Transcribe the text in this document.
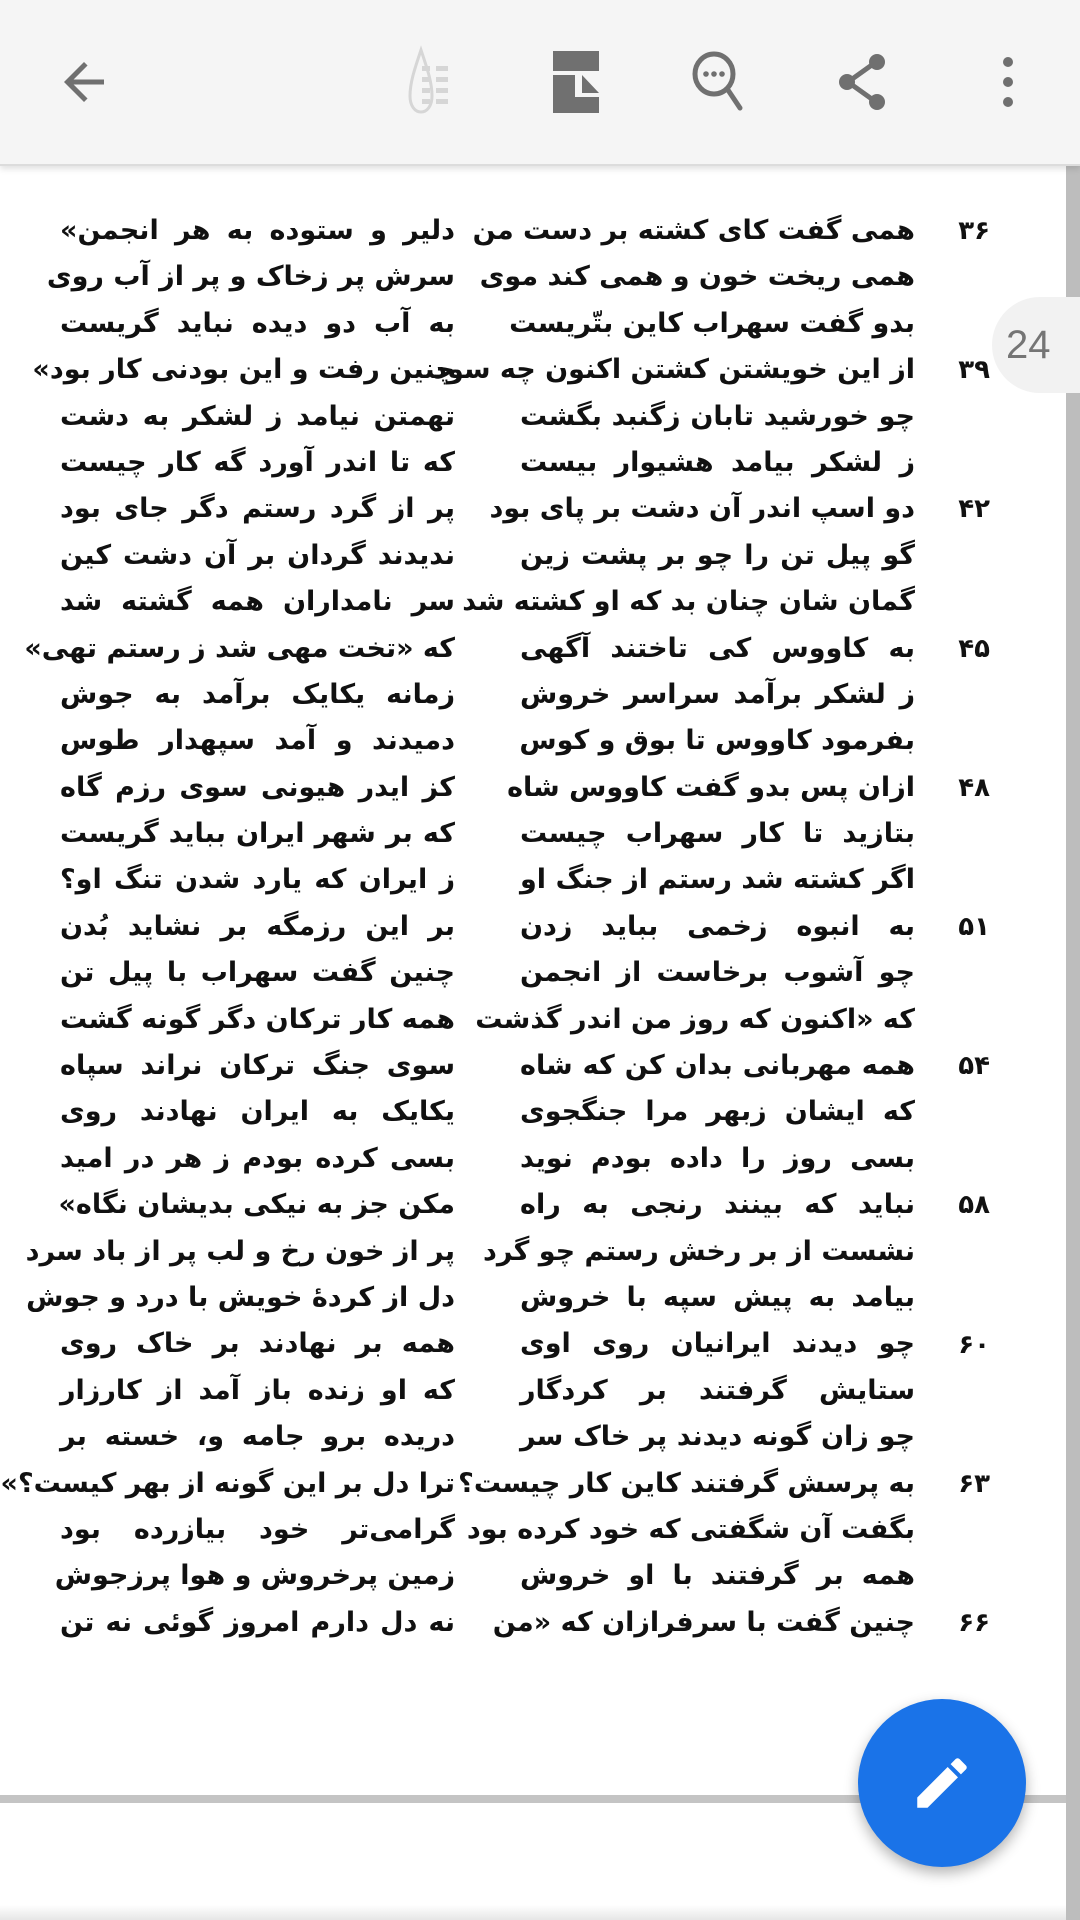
همی گفت کای کشته بر دست من
همی ریخت خون و همی کند موی
بدو گفت سهراب کاین بتّریست
از این خویشتن کشتن اکنون چه سود
چو خورشید تابان زگنبد بگشت
ز لشکر بیامد هشیوار بیست
دو اسپ اندر آن دشت بر پای بود
گو پیل تن را چو بر پشت زین
گمان شان چنان بد که او کشته شد
به کاووس کی تاختند آگهی
ز لشکر برآمد سراسر خروش
بفرمود کاووس تا بوق و کوس
ازان پس بدو گفت کاووس شاه
بتازید تا کار سهراب چیست
اگر کشته شد رستم از جنگ او
به انبوه زخمی بباید زدن
چو آشوب برخاست از انجمن
که «اکنون که روز من اندر گذشت
همه مهربانی بدان کن که شاه
که ایشان زبهر مرا جنگجوی
بسی روز را داده بودم نوید
نباید که بینند رنجی به راه
نشست از بر رخش رستم چو گرد
بیامد به پیش سپه با خروش
چو دیدند ایرانیان روی اوی
ستایش گرفتند بر کردگار
چو زان گونه دیدند پر خاک سر
به پرسش گرفتند کاین کار چیست؟
بگفت آن شگفتی که خود کرده بود
همه بر گرفتند با او خروش
چنین گفت با سرفرازان که «من
دلیر و ستوده به هر انجمن»
سرش پر زخاک و پر از آب روی
به آب دو دیده نباید گریست
چنین رفت و این بودنی کار بود»
تهمتن نیامد ز لشکر به دشت
که تا اندر آورد گه کار چیست
پر از گرد رستم دگر جای بود
ندیدند گردان بر آن دشت کین
سر نامداران همه گشته شد
که «تخت مهی شد ز رستم تهی»
زمانه یکایک برآمد به جوش
دمیدند و آمد سپهدار طوس
کز ایدر هیونی سوی رزم گاه
که بر شهر ایران بباید گریست
ز ایران که یارد شدن تنگ او؟
بر این رزمگه بر نشاید بُدن
چنین گفت سهراب با پیل تن
همه کار ترکان دگر گونه گشت
سوی جنگ ترکان نراند سپاه
یکایک به ایران نهادند روی
بسی کرده بودم ز هر در امید
مکن جز به نیکی بدیشان نگاه»
پر از خون رخ و لب پر از باد سرد
دل از کردهٔ خویش با درد و جوش
همه بر نهادند بر خاک روی
که او زنده باز آمد از کارزار
دریده برو جامه و، خسته بر
ترا دل بر این گونه از بهر کیست؟»
گرامی‌تر خود بیازرده بود
زمین پرخروش و هوا پرزجوش
نه دل دارم امروز گوئی نه تن
۳۶
۳۹
۴۲
۴۵
۴۸
۵۱
۵۴
۵۸
۶۰
۶۳
۶۶
24
